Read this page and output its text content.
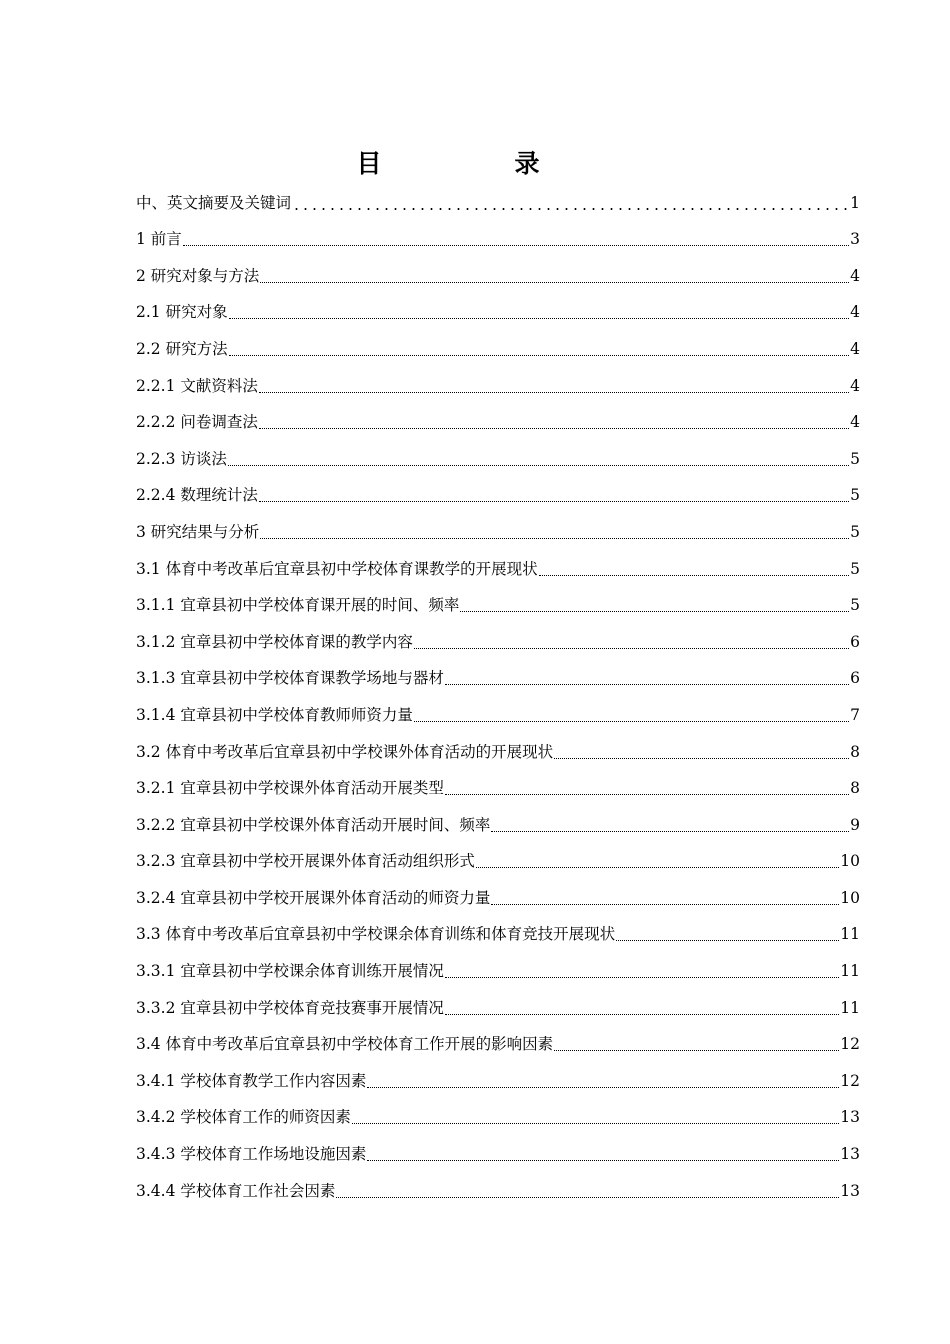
目　录
中、英文摘要及关键词	1
1 前言	3
2 研究对象与方法	4
2.1 研究对象	4
2.2 研究方法	4
2.2.1 文献资料法	4
2.2.2 问卷调查法	4
2.2.3 访谈法	5
2.2.4 数理统计法	5
3 研究结果与分析	5
3.1 体育中考改革后宜章县初中学校体育课教学的开展现状	5
3.1.1 宜章县初中学校体育课开展的时间、频率	5
3.1.2 宜章县初中学校体育课的教学内容	6
3.1.3 宜章县初中学校体育课教学场地与器材	6
3.1.4 宜章县初中学校体育教师师资力量	7
3.2 体育中考改革后宜章县初中学校课外体育活动的开展现状	8
3.2.1 宜章县初中学校课外体育活动开展类型	8
3.2.2 宜章县初中学校课外体育活动开展时间、频率	9
3.2.3 宜章县初中学校开展课外体育活动组织形式	10
3.2.4 宜章县初中学校开展课外体育活动的师资力量	10
3.3 体育中考改革后宜章县初中学校课余体育训练和体育竞技开展现状	11
3.3.1 宜章县初中学校课余体育训练开展情况	11
3.3.2 宜章县初中学校体育竞技赛事开展情况	11
3.4 体育中考改革后宜章县初中学校体育工作开展的影响因素	12
3.4.1 学校体育教学工作内容因素	12
3.4.2 学校体育工作的师资因素	13
3.4.3 学校体育工作场地设施因素	13
3.4.4 学校体育工作社会因素	13
